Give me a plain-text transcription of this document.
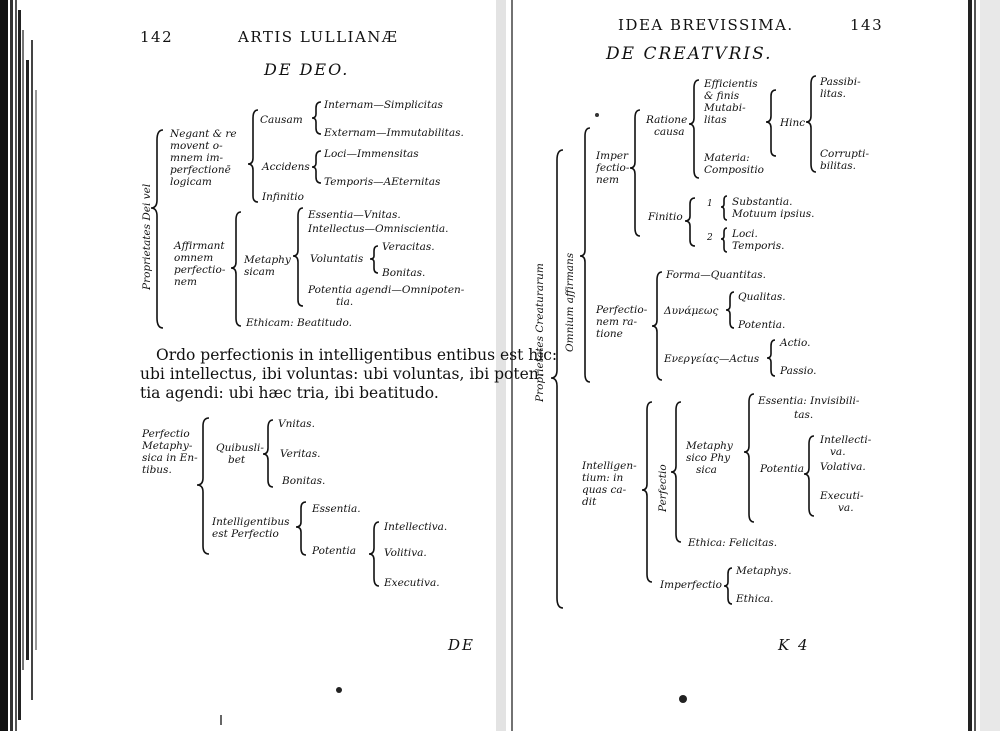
142	ARTIS LULLIANÆ
DE DEO.
Proprietates Dei vel
Negant & re
movent o-
mnem im-
perfectionē
logicam
Causam
Internam—Simplicitas
Externam—Immutabilitas.
Accidens
Loci—Immensitas
Temporis—AEternitas
Infinitio
Affirmant
omnem
perfectio-
nem
Metaphy
sicam
Essentia—Vnitas.
Intellectus—Omniscientia.
Voluntatis
Veracitas.
Bonitas.
Potentia agendi—Omnipoten-
tia.
Ethicam: Beatitudo.
Ordo perfectionis in intelligentibus entibus est hic:
ubi intellectus, ibi voluntas: ubi voluntas, ibi poten-
tia agendi: ubi hæc tria, ibi beatitudo.
Perfectio
Metaphy-
sica in En-
tibus.
Quibusli-
bet
Vnitas.
Veritas.
Bonitas.
Intelligentibus
est Perfectio
Essentia.
Potentia
Intellectiva.
Volitiva.
Executiva.
DE
IDEA BREVISSIMA.	143
DE CREATVRIS.
Proprietates Creaturarum Omnium affirmans
Imper
fectio-
nem
Ratione
causa
Efficientis
& finis
Mutabi-
litas
Materia:
Compositio
Hinc
Passibi-
litas.
Corrupti-
bilitas.
Finitio
1
2
Substantia.
Motuum ipsius.
Loci.
Temporis.
Perfectio-
nem ra-
tione
Forma—Quantitas.
Δυνάμεως
Qualitas.
Potentia.
Ενεργείας—Actus
Actio.
Passio.
Intelligen-
tium: in
quas ca-
dit	Perfectio
Metaphy
sico Phy
sica
Essentia: Invisibili-
tas.
Potentia
Intellecti-
va.
Volativa.
Executi-
va.
Ethica: Felicitas.
Imperfectio
Metaphys.
Ethica.
K 4
